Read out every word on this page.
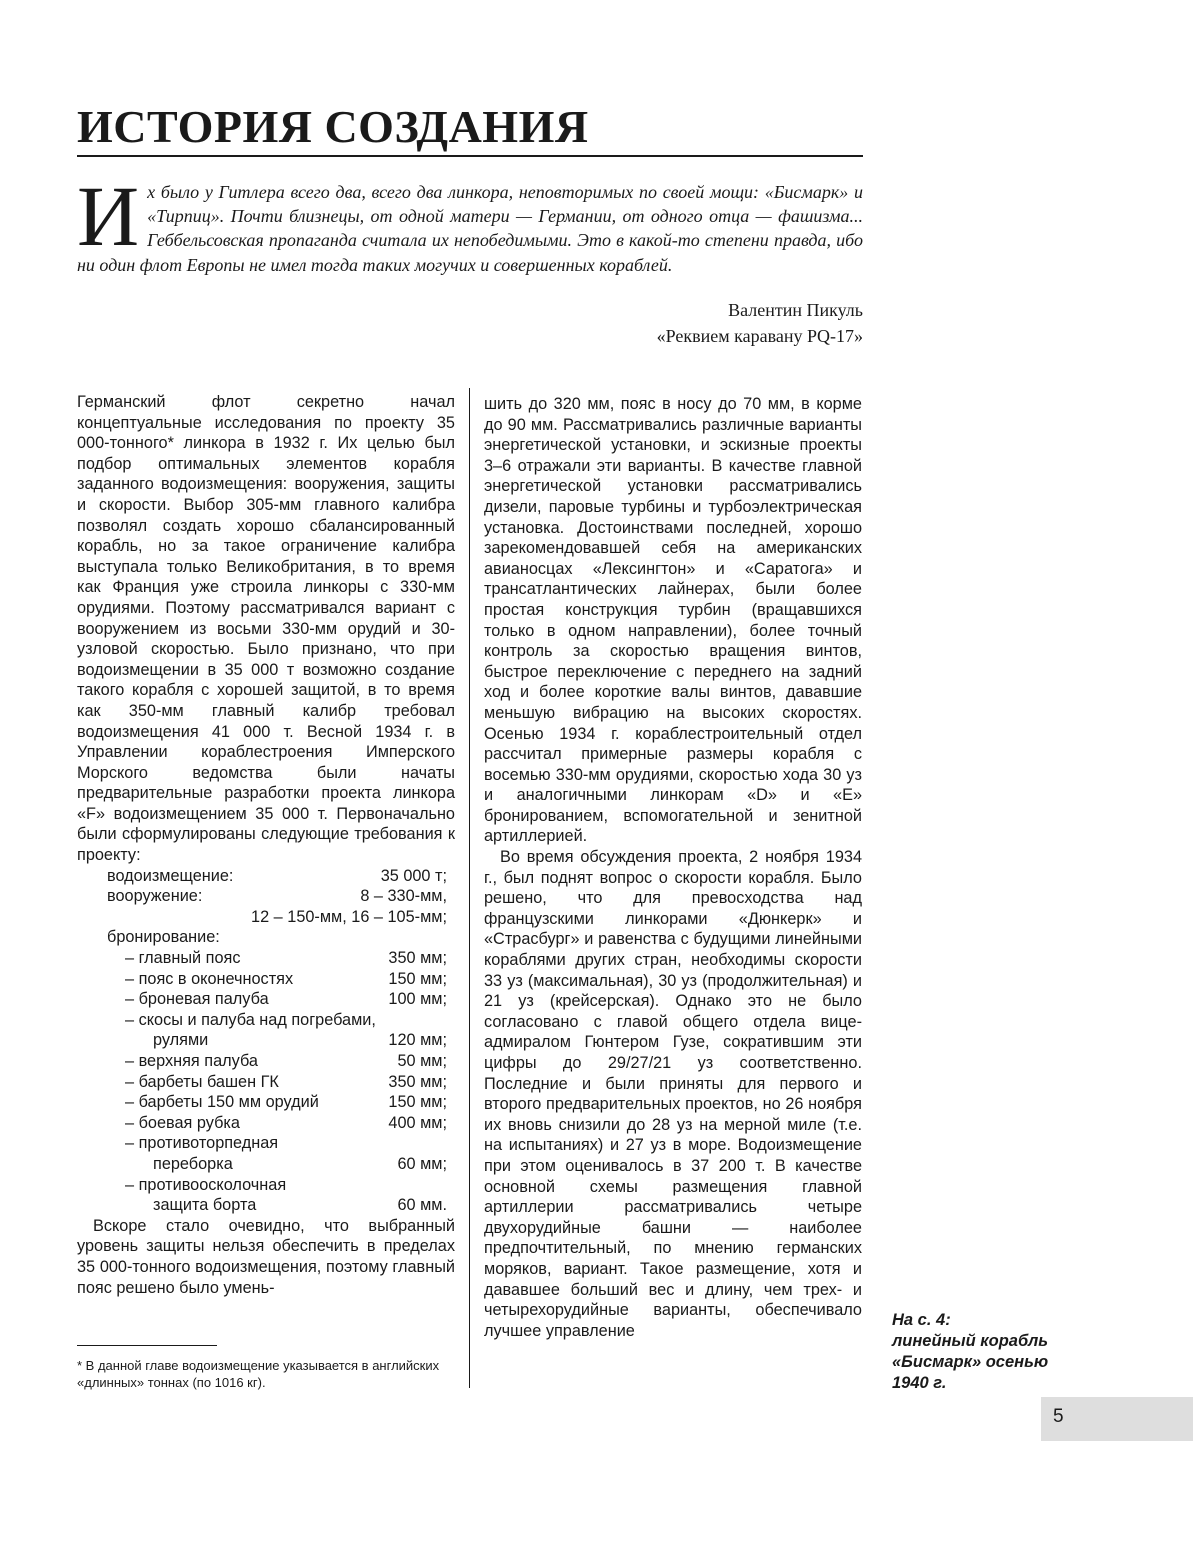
ИСТОРИЯ СОЗДАНИЯ

Их было у Гитлера всего два, всего два линкора, неповторимых по своей мощи: «Бисмарк» и «Тирпиц». Почти близнецы, от одной матери — Германии, от одного отца — фашизма... Геббельсовская пропаганда считала их непобедимыми. Это в какой-то степени правда, ибо ни один флот Европы не имел тогда таких могучих и совершенных кораблей.

Валентин Пикуль
«Реквием каравану PQ-17»

Германский флот секретно начал концептуальные исследования по проекту 35 000-тонного* линкора в 1932 г. Их целью был подбор оптимальных элементов корабля заданного водоизмещения: вооружения, защиты и скорости. Выбор 305-мм главного калибра позволял создать хорошо сбалансированный корабль, но за такое ограничение калибра выступала только Великобритания, в то время как Франция уже строила линкоры с 330-мм орудиями. Поэтому рассматривался вариант с вооружением из восьми 330-мм орудий и 30-узловой скоростью. Было признано, что при водоизмещении в 35 000 т возможно создание такого корабля с хорошей защитой, в то время как 350-мм главный калибр требовал водоизмещения 41 000 т. Весной 1934 г. в Управлении кораблестроения Имперского Морского ведомства были начаты предварительные разработки проекта линкора «F» водоизмещением 35 000 т. Первоначально были сформулированы следующие требования к проекту:

водоизмещение:	35 000 т;
вооружение:	8 – 330-мм,
12 – 150-мм, 16 – 105-мм;
бронирование:
– главный пояс	350 мм;
– пояс в оконечностях	150 мм;
– броневая палуба	100 мм;
– скосы и палуба над погребами,
рулями	120 мм;
– верхняя палуба	50 мм;
– барбеты башен ГК	350 мм;
– барбеты 150 мм орудий	150 мм;
– боевая рубка	400 мм;
– противоторпедная
переборка	60 мм;
– противоосколочная
защита борта	60 мм.

Вскоре стало очевидно, что выбранный уровень защиты нельзя обеспечить в пределах 35 000-тонного водоизмещения, поэтому главный пояс решено было умень-

шить до 320 мм, пояс в носу до 70 мм, в корме до 90 мм. Рассматривались различные варианты энергетической установки, и эскизные проекты 3–6 отражали эти варианты. В качестве главной энергетической установки рассматривались дизели, паровые турбины и турбоэлектрическая установка. Достоинствами последней, хорошо зарекомендовавшей себя на американских авианосцах «Лексингтон» и «Саратога» и трансатлантических лайнерах, были более простая конструкция турбин (вращавшихся только в одном направлении), более точный контроль за скоростью вращения винтов, быстрое переключение с переднего на задний ход и более короткие валы винтов, дававшие меньшую вибрацию на высоких скоростях. Осенью 1934 г. кораблестроительный отдел рассчитал примерные размеры корабля с восемью 330-мм орудиями, скоростью хода 30 уз и аналогичными линкорам «D» и «E» бронированием, вспомогательной и зенитной артиллерией.

Во время обсуждения проекта, 2 ноября 1934 г., был поднят вопрос о скорости корабля. Было решено, что для превосходства над французскими линкорами «Дюнкерк» и «Страсбург» и равенства с будущими линейными кораблями других стран, необходимы скорости 33 уз (максимальная), 30 уз (продолжительная) и 21 уз (крейсерская). Однако это не было согласовано с главой общего отдела вице-адмиралом Гюнтером Гузе, сократившим эти цифры до 29/27/21 уз соответственно. Последние и были приняты для первого и второго предварительных проектов, но 26 ноября их вновь снизили до 28 уз на мерной миле (т.е. на испытаниях) и 27 уз в море. Водоизмещение при этом оценивалось в 37 200 т. В качестве основной схемы размещения главной артиллерии рассматривались четыре двухорудийные башни — наиболее предпочтительный, по мнению германских моряков, вариант. Такое размещение, хотя и дававшее больший вес и длину, чем трех- и четырехорудийные варианты, обеспечивало лучшее управление

* В данной главе водоизмещение указывается в английских «длинных» тоннах (по 1016 кг).
На с. 4:
линейный корабль
«Бисмарк» осенью
1940 г.
5
